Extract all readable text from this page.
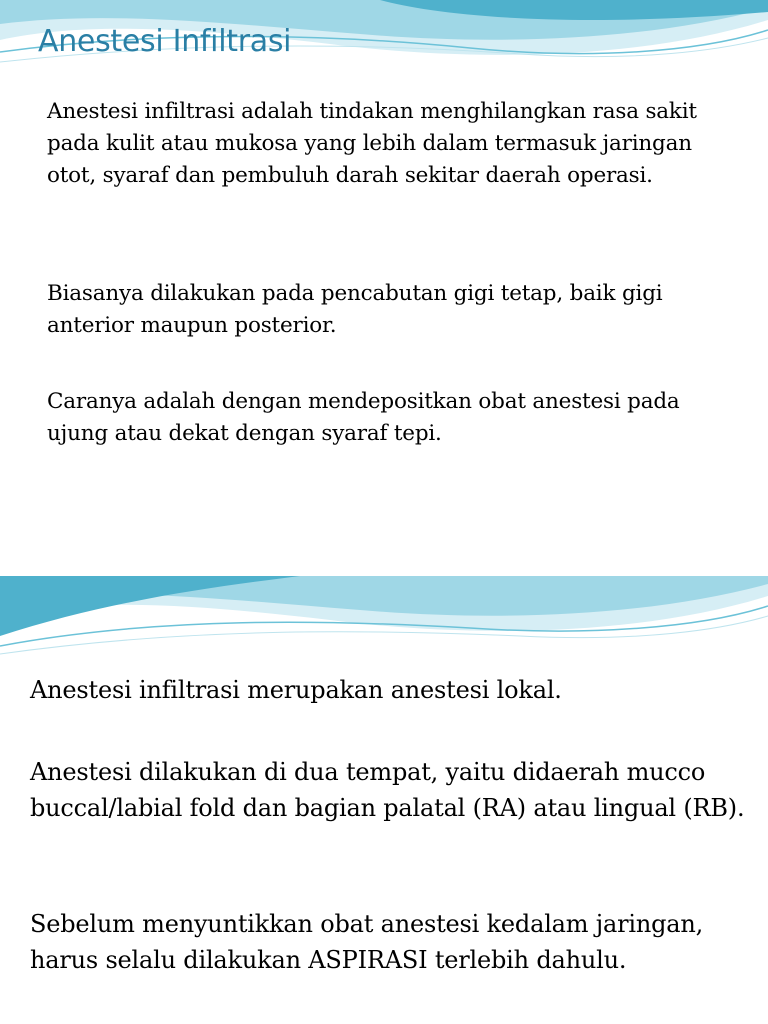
Anestesi Infiltrasi

Anestesi infiltrasi adalah tindakan menghilangkan rasa sakit pada kulit atau mukosa yang lebih dalam termasuk jaringan otot, syaraf dan pembuluh darah sekitar daerah operasi.

Biasanya dilakukan pada pencabutan gigi tetap, baik gigi anterior maupun posterior.

Caranya adalah dengan mendepositkan obat anestesi pada ujung atau dekat dengan syaraf tepi.

Anestesi infiltrasi merupakan anestesi lokal.

Anestesi dilakukan di dua tempat, yaitu didaerah mucco buccal/labial fold dan bagian palatal (RA) atau lingual (RB).

Sebelum menyuntikkan obat anestesi kedalam jaringan, harus selalu dilakukan ASPIRASI terlebih dahulu.
